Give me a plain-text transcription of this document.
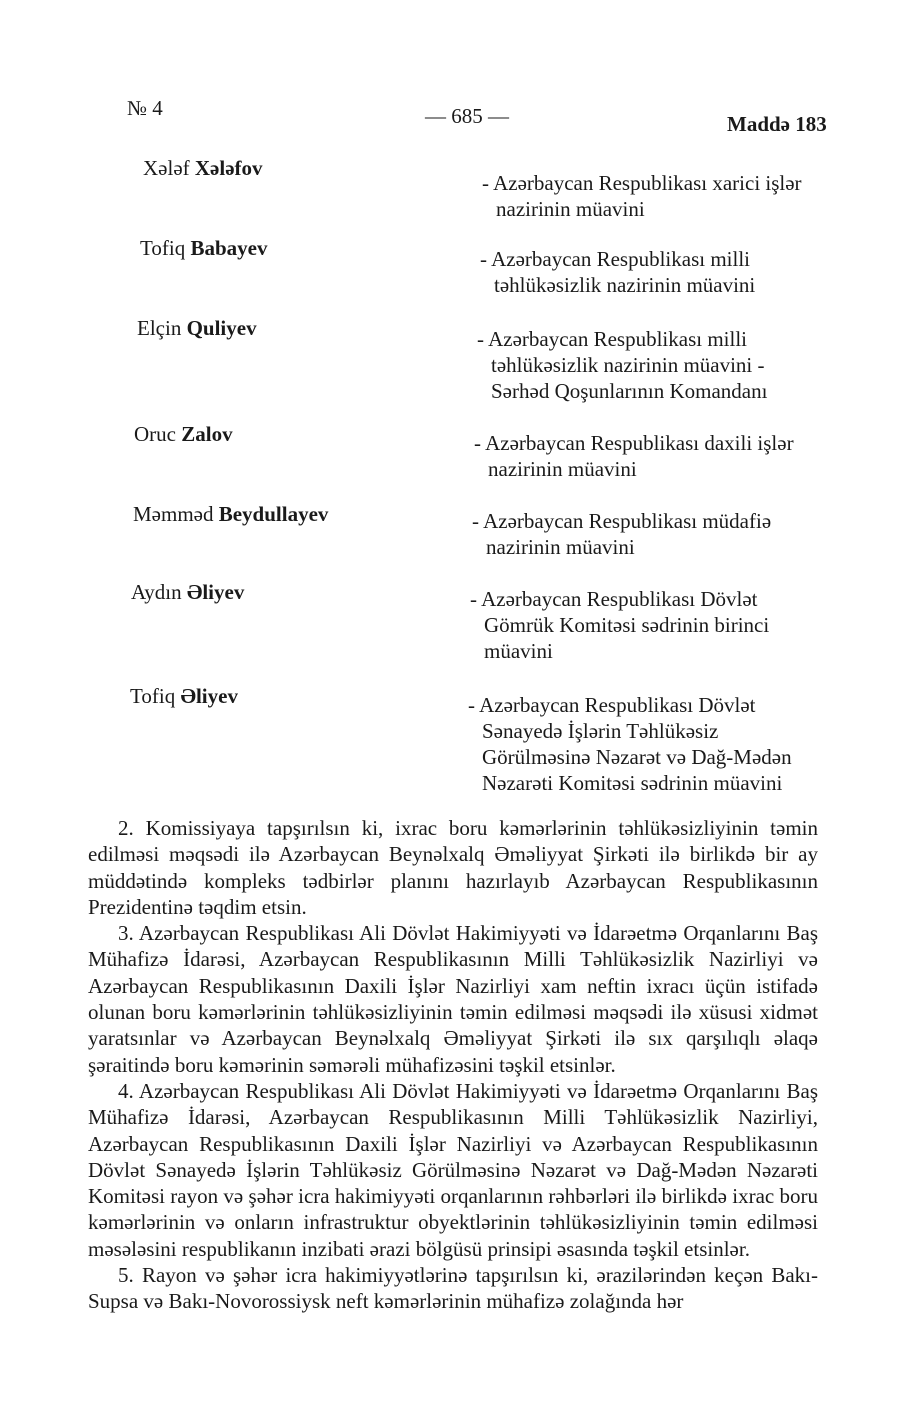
№ 4	— 685 —	Maddə 183
Xələf Xələfov
- Azərbaycan Respublikası xarici işlər
nazirinin müavini
Tofiq Babayev	- Azərbaycan Respublikası milli
təhlükəsizlik nazirinin müavini
Elçin Quliyev	- Azərbaycan Respublikası milli
təhlükəsizlik nazirinin müavini -
Sərhəd Qoşunlarının Komandanı
Oruc Zalov	- Azərbaycan Respublikası daxili işlər
nazirinin müavini
Məmməd Beydullayev	- Azərbaycan Respublikası müdafiə
nazirinin müavini
Aydın Əliyev	- Azərbaycan Respublikası Dövlət
Gömrük Komitəsi sədrinin birinci
müavini
Tofiq Əliyev	- Azərbaycan Respublikası Dövlət
Sənayedə İşlərin Təhlükəsiz
Görülməsinə Nəzarət və Dağ-Mədən
Nəzarəti Komitəsi sədrinin müavini

2. Komissiyaya tapşırılsın ki, ixrac boru kəmərlərinin təhlükəsizliyinin təmin edilməsi məqsədi ilə Azərbaycan Beynəlxalq Əməliyyat Şirkəti ilə birlikdə bir ay müddətində kompleks tədbirlər planını hazırlayıb Azərbaycan Respublikasının Prezidentinə təqdim etsin.

3. Azərbaycan Respublikası Ali Dövlət Hakimiyyəti və İdarəetmə Orqanlarını Baş Mühafizə İdarəsi, Azərbaycan Respublikasının Milli Təhlükəsizlik Nazirliyi və Azərbaycan Respublikasının Daxili İşlər Nazirliyi xam neftin ixracı üçün istifadə olunan boru kəmərlərinin təhlükəsizliyinin təmin edilməsi məqsədi ilə xüsusi xidmət yaratsınlar və Azərbaycan Beynəlxalq Əməliyyat Şirkəti ilə sıx qarşılıqlı əlaqə şəraitində boru kəmərinin səmərəli mühafizəsini təşkil etsinlər.

4. Azərbaycan Respublikası Ali Dövlət Hakimiyyəti və İdarəetmə Orqanlarını Baş Mühafizə İdarəsi, Azərbaycan Respublikasının Milli Təhlükəsizlik Nazirliyi, Azərbaycan Respublikasının Daxili İşlər Nazirliyi və Azərbaycan Respublikasının Dövlət Sənayedə İşlərin Təhlükəsiz Görülməsinə Nəzarət və Dağ-Mədən Nəzarəti Komitəsi rayon və şəhər icra hakimiyyəti orqanlarının rəhbərləri ilə birlikdə ixrac boru kəmərlərinin və onların infrastruktur obyektlərinin təhlükəsizliyinin təmin edilməsi məsələsini respublikanın inzibati ərazi bölgüsü prinsipi əsasında təşkil etsinlər.

5. Rayon və şəhər icra hakimiyyətlərinə tapşırılsın ki, ərazilərindən keçən Bakı-Supsa və Bakı-Novorossiysk neft kəmərlərinin mühafizə zolağında hər
